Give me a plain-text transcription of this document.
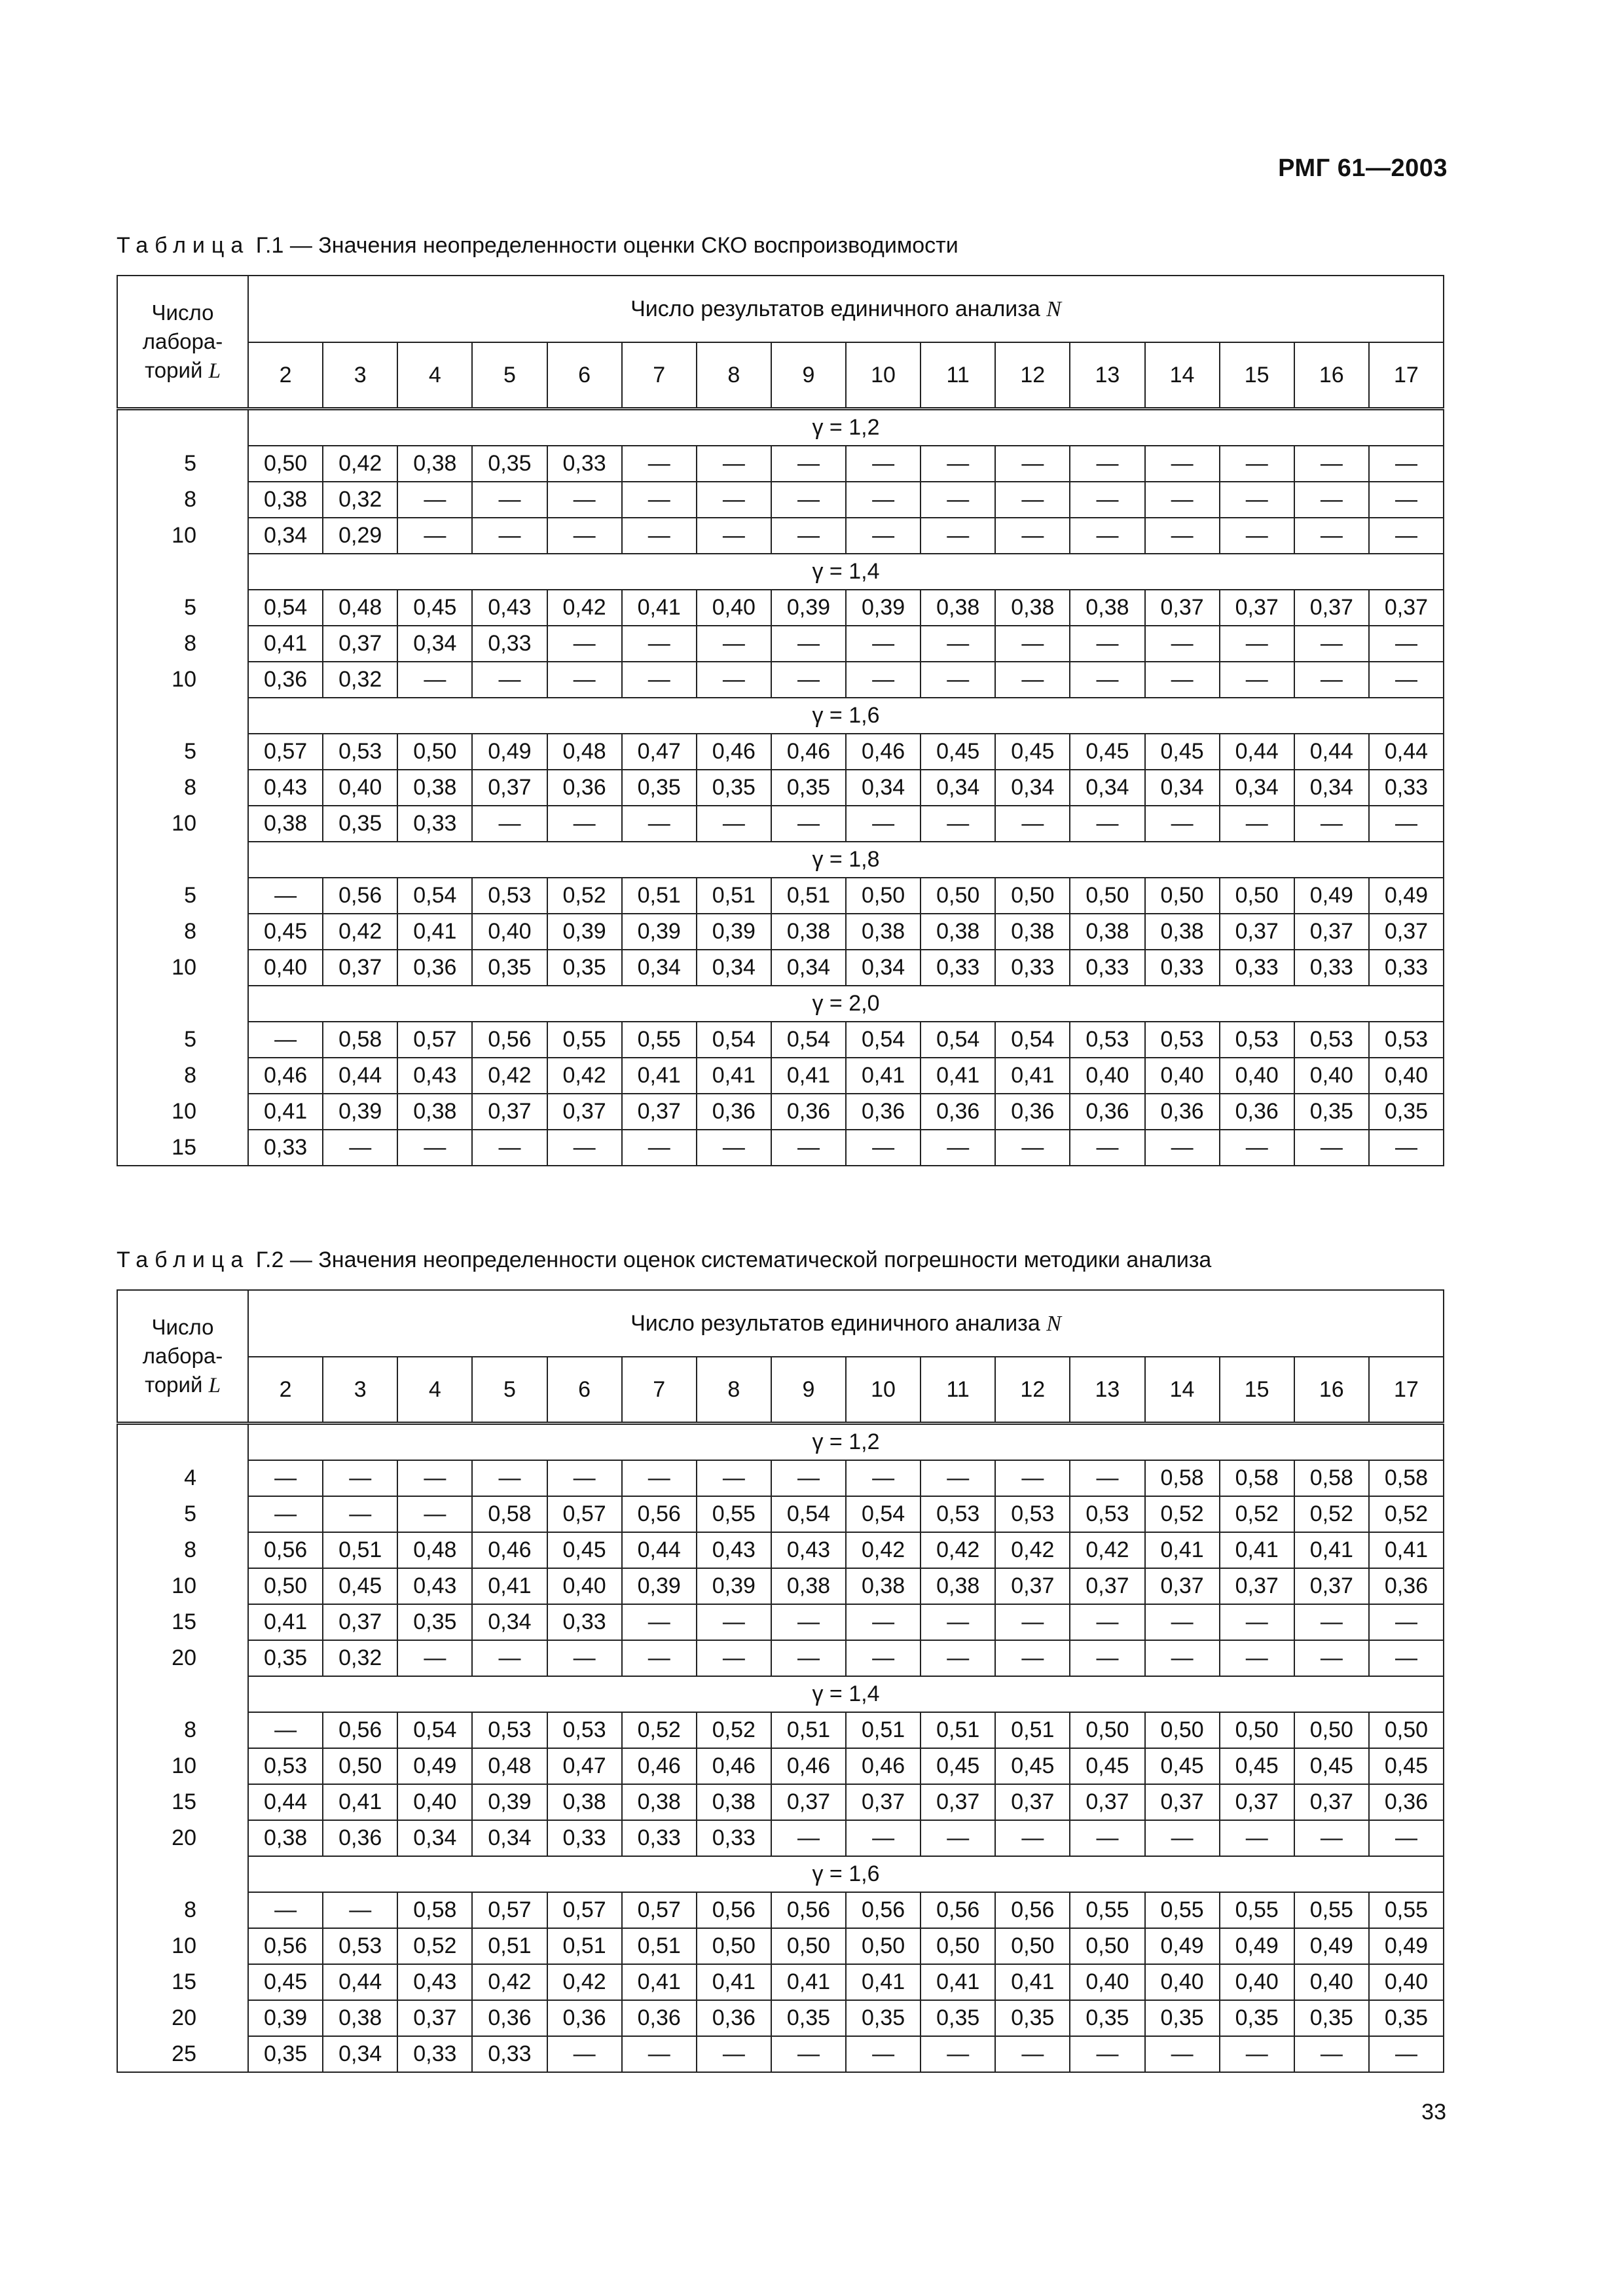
РМГ 61—2003
Таблица Г.1 — Значения неопределенности оценки СКО воспроизводимости
Число
лабора-
торий L	Число результатов единичного анализа N															
	2	3	4	5	6	7	8	9	10	11	12	13	14	15	16	17
	γ = 1,2															
5	0,50	0,42	0,38	0,35	0,33	—	—	—	—	—	—	—	—	—	—	—
8	0,38	0,32	—	—	—	—	—	—	—	—	—	—	—	—	—	—
10	0,34	0,29	—	—	—	—	—	—	—	—	—	—	—	—	—	—
	γ = 1,4															
5	0,54	0,48	0,45	0,43	0,42	0,41	0,40	0,39	0,39	0,38	0,38	0,38	0,37	0,37	0,37	0,37
8	0,41	0,37	0,34	0,33	—	—	—	—	—	—	—	—	—	—	—	—
10	0,36	0,32	—	—	—	—	—	—	—	—	—	—	—	—	—	—
	γ = 1,6															
5	0,57	0,53	0,50	0,49	0,48	0,47	0,46	0,46	0,46	0,45	0,45	0,45	0,45	0,44	0,44	0,44
8	0,43	0,40	0,38	0,37	0,36	0,35	0,35	0,35	0,34	0,34	0,34	0,34	0,34	0,34	0,34	0,33
10	0,38	0,35	0,33	—	—	—	—	—	—	—	—	—	—	—	—	—
	γ = 1,8															
5	—	0,56	0,54	0,53	0,52	0,51	0,51	0,51	0,50	0,50	0,50	0,50	0,50	0,50	0,49	0,49
8	0,45	0,42	0,41	0,40	0,39	0,39	0,39	0,38	0,38	0,38	0,38	0,38	0,38	0,37	0,37	0,37
10	0,40	0,37	0,36	0,35	0,35	0,34	0,34	0,34	0,34	0,33	0,33	0,33	0,33	0,33	0,33	0,33
	γ = 2,0															
5	—	0,58	0,57	0,56	0,55	0,55	0,54	0,54	0,54	0,54	0,54	0,53	0,53	0,53	0,53	0,53
8	0,46	0,44	0,43	0,42	0,42	0,41	0,41	0,41	0,41	0,41	0,41	0,40	0,40	0,40	0,40	0,40
10	0,41	0,39	0,38	0,37	0,37	0,37	0,36	0,36	0,36	0,36	0,36	0,36	0,36	0,36	0,35	0,35
15	0,33	—	—	—	—	—	—	—	—	—	—	—	—	—	—	—
Таблица Г.2 — Значения неопределенности оценок систематической погрешности методики анализа
Число
лабора-
торий L	Число результатов единичного анализа N															
	2	3	4	5	6	7	8	9	10	11	12	13	14	15	16	17
	γ = 1,2															
4	—	—	—	—	—	—	—	—	—	—	—	—	0,58	0,58	0,58	0,58
5	—	—	—	0,58	0,57	0,56	0,55	0,54	0,54	0,53	0,53	0,53	0,52	0,52	0,52	0,52
8	0,56	0,51	0,48	0,46	0,45	0,44	0,43	0,43	0,42	0,42	0,42	0,42	0,41	0,41	0,41	0,41
10	0,50	0,45	0,43	0,41	0,40	0,39	0,39	0,38	0,38	0,38	0,37	0,37	0,37	0,37	0,37	0,36
15	0,41	0,37	0,35	0,34	0,33	—	—	—	—	—	—	—	—	—	—	—
20	0,35	0,32	—	—	—	—	—	—	—	—	—	—	—	—	—	—
	γ = 1,4															
8	—	0,56	0,54	0,53	0,53	0,52	0,52	0,51	0,51	0,51	0,51	0,50	0,50	0,50	0,50	0,50
10	0,53	0,50	0,49	0,48	0,47	0,46	0,46	0,46	0,46	0,45	0,45	0,45	0,45	0,45	0,45	0,45
15	0,44	0,41	0,40	0,39	0,38	0,38	0,38	0,37	0,37	0,37	0,37	0,37	0,37	0,37	0,37	0,36
20	0,38	0,36	0,34	0,34	0,33	0,33	0,33	—	—	—	—	—	—	—	—	—
	γ = 1,6															
8	—	—	0,58	0,57	0,57	0,57	0,56	0,56	0,56	0,56	0,56	0,55	0,55	0,55	0,55	0,55
10	0,56	0,53	0,52	0,51	0,51	0,51	0,50	0,50	0,50	0,50	0,50	0,50	0,49	0,49	0,49	0,49
15	0,45	0,44	0,43	0,42	0,42	0,41	0,41	0,41	0,41	0,41	0,41	0,40	0,40	0,40	0,40	0,40
20	0,39	0,38	0,37	0,36	0,36	0,36	0,36	0,35	0,35	0,35	0,35	0,35	0,35	0,35	0,35	0,35
25	0,35	0,34	0,33	0,33	—	—	—	—	—	—	—	—	—	—	—	—
33
